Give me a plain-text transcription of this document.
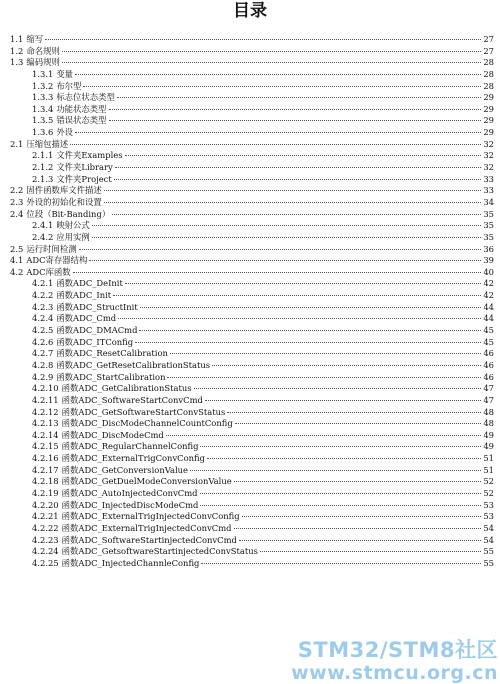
目录
1.1 缩写	27
1.2 命名规则	27
1.3 编码规则	28
1.3.1 变量	28
1.3.2 布尔型	28
1.3.3 标志位状态类型	29
1.3.4 功能状态类型	29
1.3.5 错误状态类型	29
1.3.6 外设	29
2.1 压缩包描述	32
2.1.1 文件夹Examples	32
2.1.2 文件夹Library	32
2.1.3 文件夹Project	33
2.2 固件函数库文件描述	33
2.3 外设的初始化和设置	34
2.4 位段（Bit-Banding）	35
2.4.1 映射公式	35
2.4.2 应用实例	35
2.5 运行时间检测	36
4.1 ADC寄存器结构	39
4.2 ADC库函数	40
4.2.1 函数ADC_DeInit	42
4.2.2 函数ADC_Init	42
4.2.3 函数ADC_StructInit	44
4.2.4 函数ADC_Cmd	44
4.2.5 函数ADC_DMACmd	45
4.2.6 函数ADC_ITConfig	45
4.2.7 函数ADC_ResetCalibration	46
4.2.8 函数ADC_GetResetCalibrationStatus	46
4.2.9 函数ADC_StartCalibration	46
4.2.10 函数ADC_GetCalibrationStatus	47
4.2.11 函数ADC_SoftwareStartConvCmd	47
4.2.12 函数ADC_GetSoftwareStartConvStatus	48
4.2.13 函数ADC_DiscModeChannelCountConfig	48
4.2.14 函数ADC_DiscModeCmd	49
4.2.15 函数ADC_RegularChannelConfig	49
4.2.16 函数ADC_ExternalTrigConvConfig	51
4.2.17 函数ADC_GetConversionValue	51
4.2.18 函数ADC_GetDuelModeConversionValue	52
4.2.19 函数ADC_AutoInjectedConvCmd	52
4.2.20 函数ADC_InjectedDiscModeCmd	53
4.2.21 函数ADC_ExternalTrigInjectedConvConfig	53
4.2.22 函数ADC_ExternalTrigInjectedConvCmd	54
4.2.23 函数ADC_SoftwareStartinjectedConvCmd	54
4.2.24 函数ADC_GetsoftwareStartinjectedConvStatus	55
4.2.25 函数ADC_InjectedChannleConfig	55
STM32/STM8社区
www.stmcu.org.cn
